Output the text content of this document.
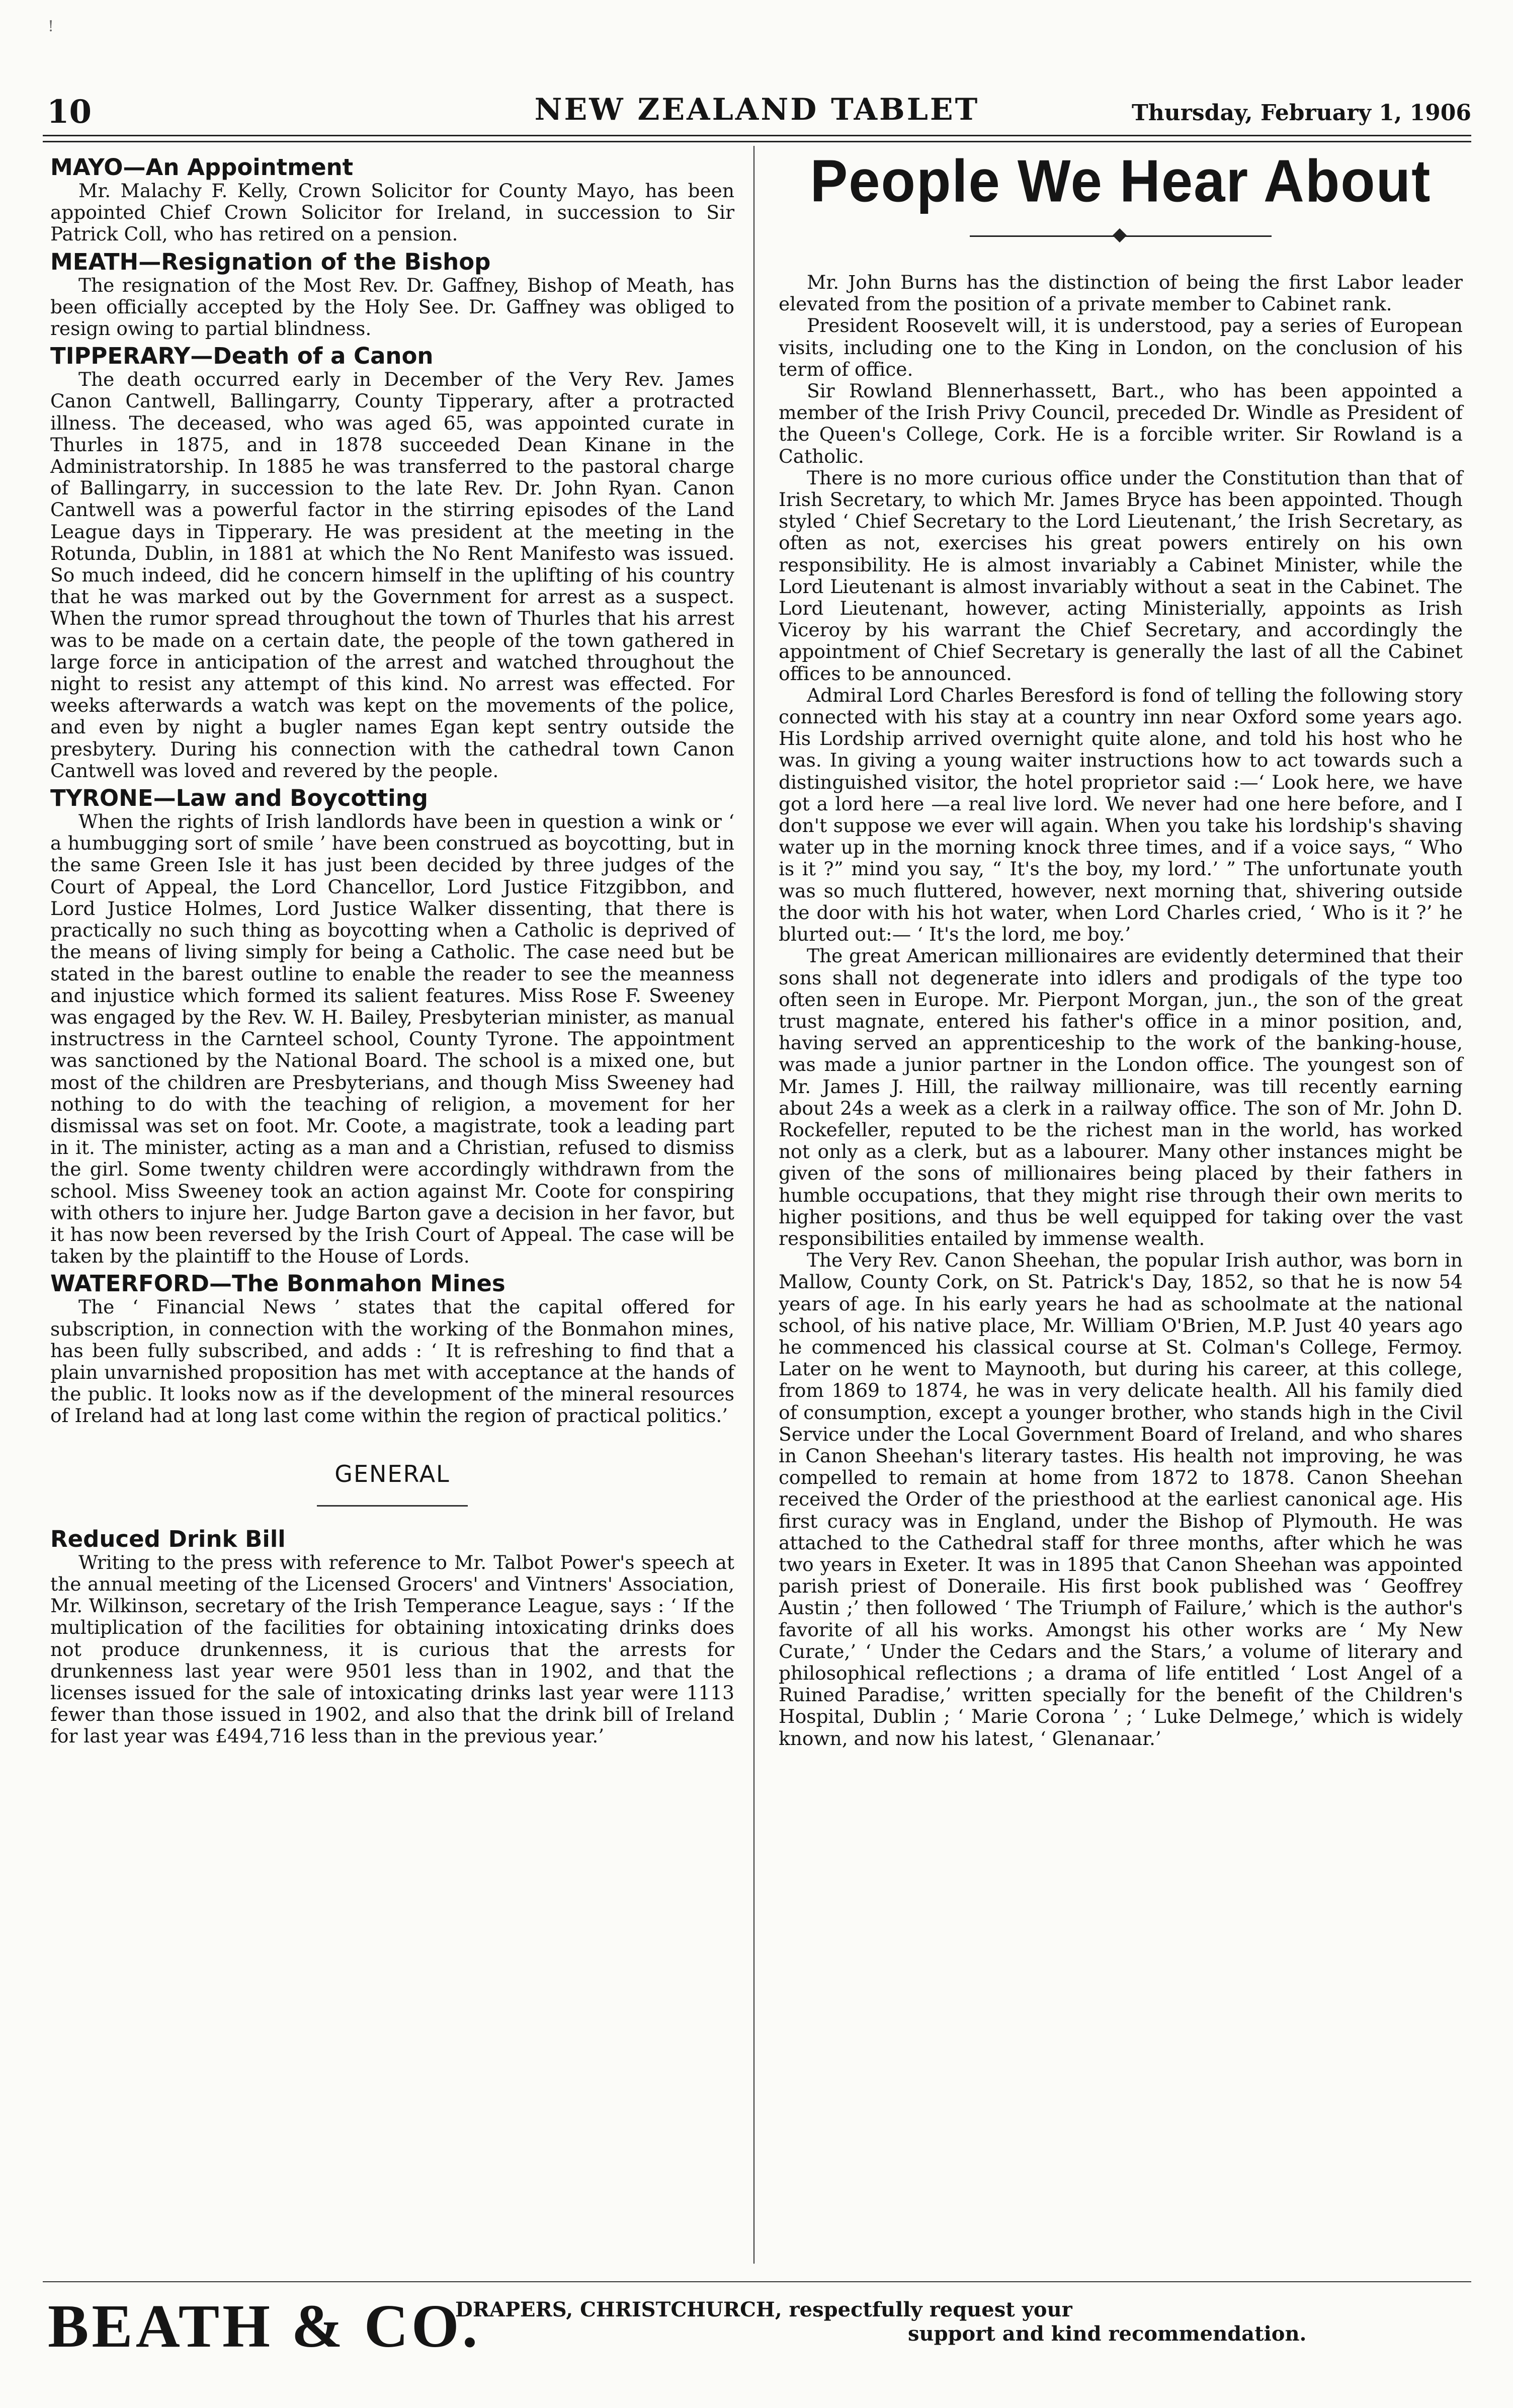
!
10	NEW ZEALAND TABLET	Thursday, February 1, 1906
MAYO—An Appointment

Mr. Malachy F. Kelly, Crown Solicitor for County Mayo, has been appointed Chief Crown Solicitor for Ireland, in succession to Sir Patrick Coll, who has retired on a pension.

MEATH—Resignation of the Bishop

The resignation of the Most Rev. Dr. Gaffney, Bishop of Meath, has been officially accepted by the Holy See. Dr. Gaffney was obliged to resign owing to partial blindness.

TIPPERARY—Death of a Canon

The death occurred early in December of the Very Rev. James Canon Cantwell, Ballingarry, County Tipperary, after a protracted illness. The deceased, who was aged 65, was appointed curate in Thurles in 1875, and in 1878 succeeded Dean Kinane in the Administratorship. In 1885 he was transferred to the pastoral charge of Ballingarry, in succession to the late Rev. Dr. John Ryan. Canon Cantwell was a powerful factor in the stirring episodes of the Land League days in Tipperary. He was president at the meeting in the Rotunda, Dublin, in 1881 at which the No Rent Manifesto was issued. So much indeed, did he concern himself in the uplifting of his country that he was marked out by the Government for arrest as a suspect. When the rumor spread throughout the town of Thurles that his arrest was to be made on a certain date, the people of the town gathered in large force in anticipation of the arrest and watched throughout the night to resist any attempt of this kind. No arrest was effected. For weeks afterwards a watch was kept on the movements of the police, and even by night a bugler names Egan kept sentry outside the presbytery. During his connection with the cathedral town Canon Cantwell was loved and revered by the people.

TYRONE—Law and Boycotting

When the rights of Irish landlords have been in question a wink or ‘ a humbugging sort of smile ’ have been construed as boycotting, but in the same Green Isle it has just been decided by three judges of the Court of Appeal, the Lord Chancellor, Lord Justice Fitzgibbon, and Lord Justice Holmes, Lord Justice Walker dissenting, that there is practically no such thing as boycotting when a Catholic is deprived of the means of living simply for being a Catholic. The case need but be stated in the barest outline to enable the reader to see the meanness and injustice which formed its salient features. Miss Rose F. Sweeney was engaged by the Rev. W. H. Bailey, Presbyterian minister, as manual instructress in the Carnteel school, County Tyrone. The appointment was sanctioned by the National Board. The school is a mixed one, but most of the children are Presbyterians, and though Miss Sweeney had nothing to do with the teaching of religion, a movement for her dismissal was set on foot. Mr. Coote, a magistrate, took a leading part in it. The minister, acting as a man and a Christian, refused to dismiss the girl. Some twenty children were accordingly withdrawn from the school. Miss Sweeney took an action against Mr. Coote for conspiring with others to injure her. Judge Barton gave a decision in her favor, but it has now been reversed by the Irish Court of Appeal. The case will be taken by the plaintiff to the House of Lords.

WATERFORD—The Bonmahon Mines

The ‘ Financial News ’ states that the capital offered for subscription, in connection with the working of the Bonmahon mines, has been fully subscribed, and adds : ‘ It is refreshing to find that a plain unvarnished proposition has met with acceptance at the hands of the public. It looks now as if the development of the mineral resources of Ireland had at long last come within the region of practical politics.’

GENERAL
Reduced Drink Bill

Writing to the press with reference to Mr. Talbot Power's speech at the annual meeting of the Licensed Grocers' and Vintners' Association, Mr. Wilkinson, secretary of the Irish Temperance League, says : ‘ If the multiplication of the facilities for obtaining intoxicating drinks does not produce drunkenness, it is curious that the arrests for drunkenness last year were 9501 less than in 1902, and that the licenses issued for the sale of intoxicating drinks last year were 1113 fewer than those issued in 1902, and also that the drink bill of Ireland for last year was £494,716 less than in the previous year.’

People We Hear About

Mr. John Burns has the distinction of being the first Labor leader elevated from the position of a private member to Cabinet rank.

President Roosevelt will, it is understood, pay a series of European visits, including one to the King in London, on the conclusion of his term of office.

Sir Rowland Blennerhassett, Bart., who has been appointed a member of the Irish Privy Council, preceded Dr. Windle as President of the Queen's College, Cork. He is a forcible writer. Sir Rowland is a Catholic.

There is no more curious office under the Constitution than that of Irish Secretary, to which Mr. James Bryce has been appointed. Though styled ‘ Chief Secretary to the Lord Lieutenant,’ the Irish Secretary, as often as not, exercises his great powers entirely on his own responsibility. He is almost invariably a Cabinet Minister, while the Lord Lieutenant is almost invariably without a seat in the Cabinet. The Lord Lieutenant, however, acting Ministerially, appoints as Irish Viceroy by his warrant the Chief Secretary, and accordingly the appointment of Chief Secretary is generally the last of all the Cabinet offices to be announced.

Admiral Lord Charles Beresford is fond of telling the following story connected with his stay at a country inn near Oxford some years ago. His Lordship arrived overnight quite alone, and told his host who he was. In giving a young waiter instructions how to act towards such a distinguished visitor, the hotel proprietor said :—‘ Look here, we have got a lord here —a real live lord. We never had one here before, and I don't suppose we ever will again. When you take his lordship's shaving water up in the morning knock three times, and if a voice says, “ Who is it ?” mind you say, “ It's the boy, my lord.’ ” The unfortunate youth was so much fluttered, however, next morning that, shivering outside the door with his hot water, when Lord Charles cried, ‘ Who is it ?’ he blurted out:— ‘ It's the lord, me boy.’

The great American millionaires are evidently determined that their sons shall not degenerate into idlers and prodigals of the type too often seen in Europe. Mr. Pierpont Morgan, jun., the son of the great trust magnate, entered his father's office in a minor position, and, having served an apprenticeship to the work of the banking-house, was made a junior partner in the London office. The youngest son of Mr. James J. Hill, the railway millionaire, was till recently earning about 24s a week as a clerk in a railway office. The son of Mr. John D. Rockefeller, reputed to be the richest man in the world, has worked not only as a clerk, but as a labourer. Many other instances might be given of the sons of millionaires being placed by their fathers in humble occupations, that they might rise through their own merits to higher positions, and thus be well equipped for taking over the vast responsibilities entailed by immense wealth.

The Very Rev. Canon Sheehan, the popular Irish author, was born in Mallow, County Cork, on St. Patrick's Day, 1852, so that he is now 54 years of age. In his early years he had as schoolmate at the national school, of his native place, Mr. William O'Brien, M.P. Just 40 years ago he commenced his classical course at St. Colman's College, Fermoy. Later on he went to Maynooth, but during his career, at this college, from 1869 to 1874, he was in very delicate health. All his family died of consumption, except a younger brother, who stands high in the Civil Service under the Local Government Board of Ireland, and who shares in Canon Sheehan's literary tastes. His health not improving, he was compelled to remain at home from 1872 to 1878. Canon Sheehan received the Order of the priesthood at the earliest canonical age. His first curacy was in England, under the Bishop of Plymouth. He was attached to the Cathedral staff for three months, after which he was two years in Exeter. It was in 1895 that Canon Sheehan was appointed parish priest of Doneraile. His first book published was ‘ Geoffrey Austin ;’ then followed ‘ The Triumph of Failure,’ which is the author's favorite of all his works. Amongst his other works are ‘ My New Curate,’ ‘ Under the Cedars and the Stars,’ a volume of literary and philosophical reflections ; a drama of life entitled ‘ Lost Angel of a Ruined Paradise,’ written specially for the benefit of the Children's Hospital, Dublin ; ‘ Marie Corona ’ ; ‘ Luke Delmege,’ which is widely known, and now his latest, ‘ Glenanaar.’

BEATH & CO.
DRAPERS, CHRISTCHURCH, respectfully request your
support and kind recommendation.
